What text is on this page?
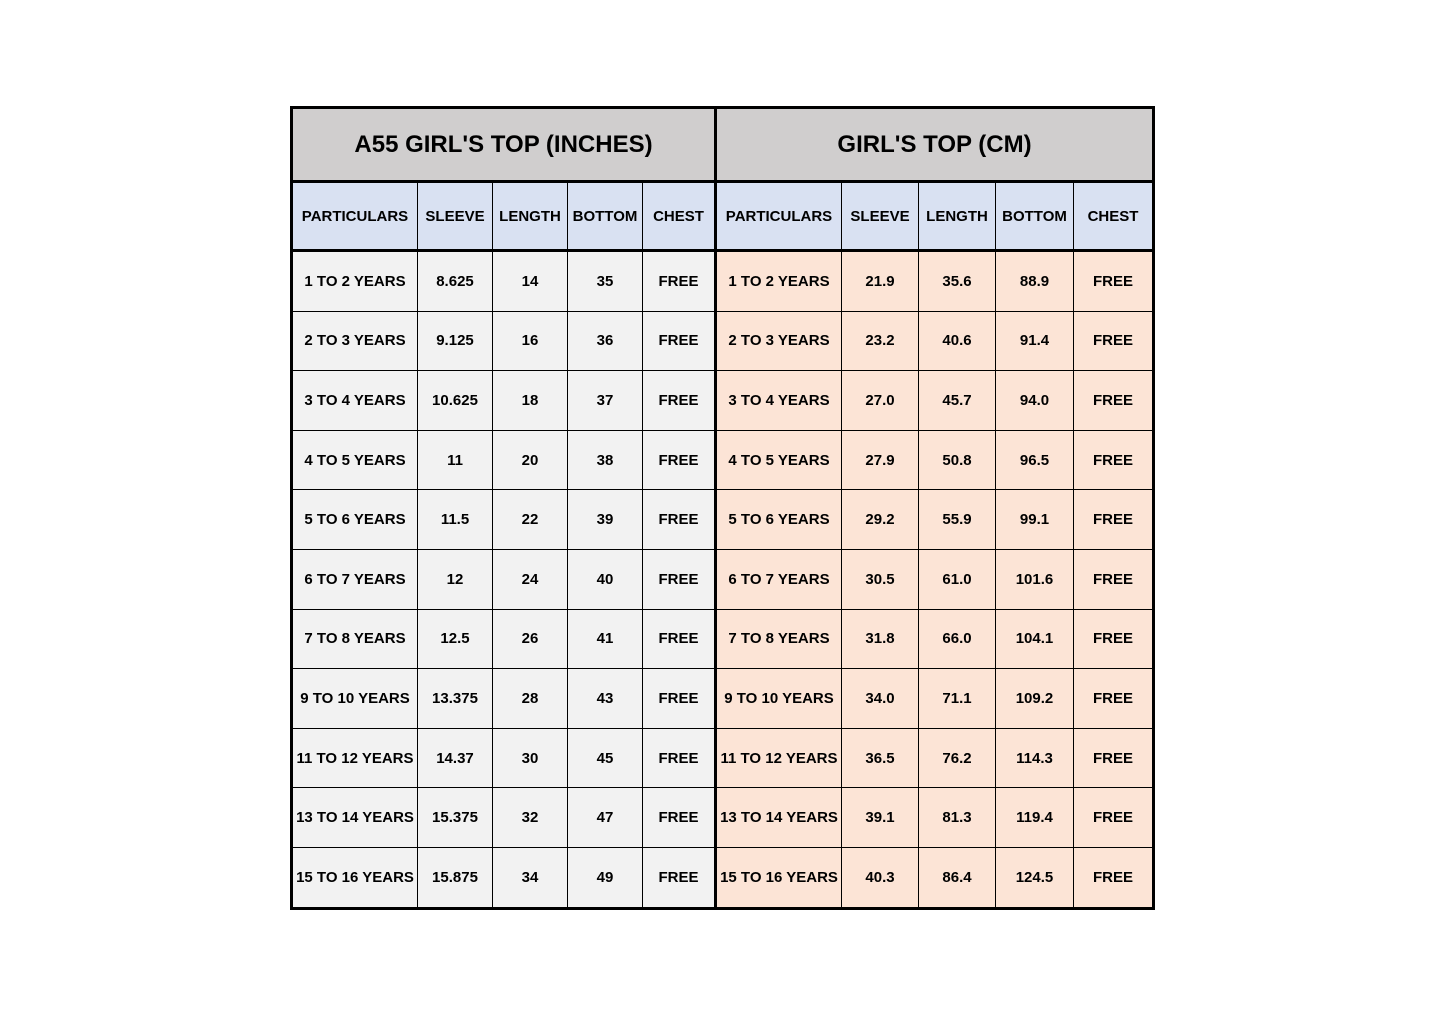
A55 GIRL'S TOP (INCHES)					GIRL'S TOP (CM)				
PARTICULARS	SLEEVE	LENGTH	BOTTOM	CHEST	PARTICULARS	SLEEVE	LENGTH	BOTTOM	CHEST
1 TO 2 YEARS	8.625	14	35	FREE	1 TO 2 YEARS	21.9	35.6	88.9	FREE
2 TO 3 YEARS	9.125	16	36	FREE	2 TO 3 YEARS	23.2	40.6	91.4	FREE
3 TO 4 YEARS	10.625	18	37	FREE	3 TO 4 YEARS	27.0	45.7	94.0	FREE
4 TO 5 YEARS	11	20	38	FREE	4 TO 5 YEARS	27.9	50.8	96.5	FREE
5 TO 6 YEARS	11.5	22	39	FREE	5 TO 6 YEARS	29.2	55.9	99.1	FREE
6 TO 7 YEARS	12	24	40	FREE	6 TO 7 YEARS	30.5	61.0	101.6	FREE
7 TO 8 YEARS	12.5	26	41	FREE	7 TO 8 YEARS	31.8	66.0	104.1	FREE
9 TO 10 YEARS	13.375	28	43	FREE	9 TO 10 YEARS	34.0	71.1	109.2	FREE
11 TO 12 YEARS	14.37	30	45	FREE	11 TO 12 YEARS	36.5	76.2	114.3	FREE
13 TO 14 YEARS	15.375	32	47	FREE	13 TO 14 YEARS	39.1	81.3	119.4	FREE
15 TO 16 YEARS	15.875	34	49	FREE	15 TO 16 YEARS	40.3	86.4	124.5	FREE
